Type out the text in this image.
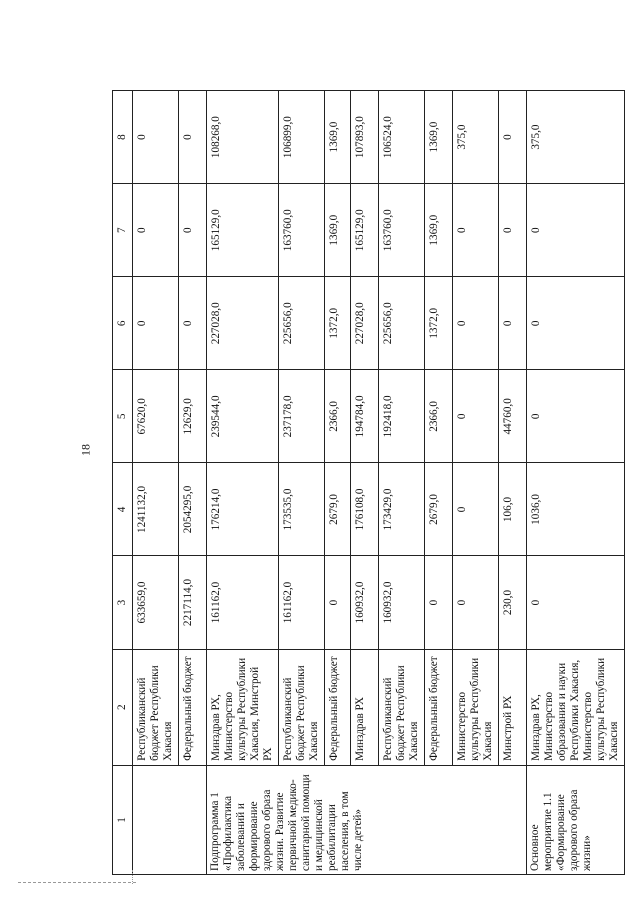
18
1	2	3	4	5	6	7	8
	Республиканский бюджет Республики Хакасия	633659,0	1241132,0	67620,0	0	0	0
	Федеральный бюджет	2217114,0	2054295,0	12629,0	0	0	0
Подпрограмма 1 «Профилактика заболеваний и формирование здорового образа жизни. Развитие первичной медико-санитарной помощи и медицинской реабилитации населения, в том числе детей»	Минздрав РХ, Министерство культуры Республики Хакасия, Минстрой РХ	161162,0	176214,0	239544,0	227028,0	165129,0	108268,0
	Республиканский бюджет Республики Хакасия	161162,0	173535,0	237178,0	225656,0	163760,0	106899,0
	Федеральный бюджет	0	2679,0	2366,0	1372,0	1369,0	1369,0
	Минздрав РХ	160932,0	176108,0	194784,0	227028,0	165129,0	107893,0
	Республиканский бюджет Республики Хакасия	160932,0	173429,0	192418,0	225656,0	163760,0	106524,0
	Федеральный бюджет	0	2679,0	2366,0	1372,0	1369,0	1369,0
	Министерство культуры Республики Хакасия	0	0	0	0	0	375,0
	Минстрой РХ	230,0	106,0	44760,0	0	0	0
Основное мероприятие 1.1 «Формирование здорового образа жизни»	Минздрав РХ, Министерство образования и науки Республики Хакасия, Министерство культуры Республики Хакасия	0	1036,0	0	0	0	375,0
